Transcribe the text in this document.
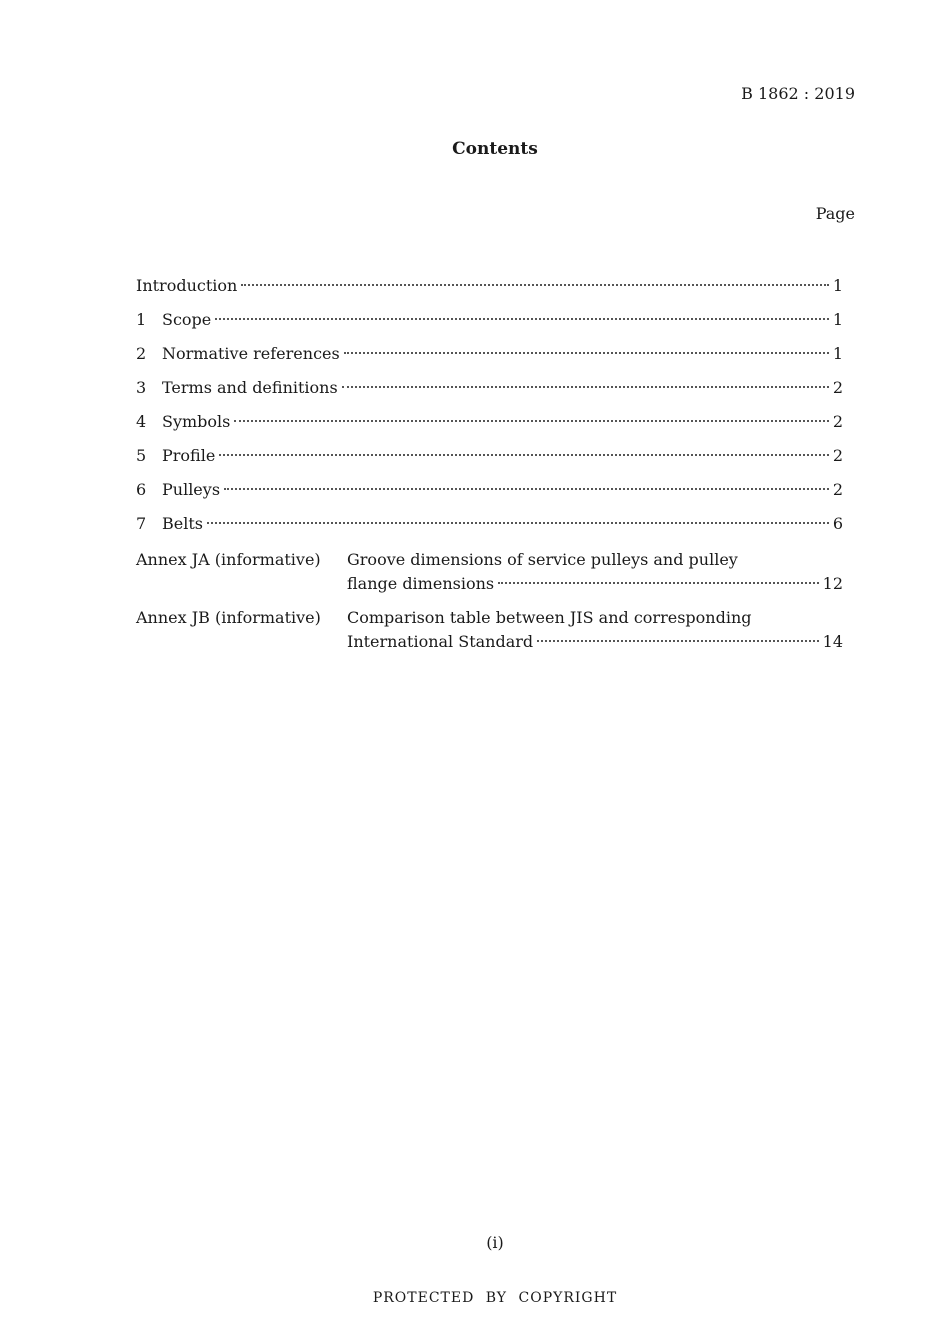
B 1862 : 2019
Contents
Page
Introduction	1
1 Scope	1
2 Normative references	1
3 Terms and definitions	2
4 Symbols	2
5 Profile	2
6 Pulleys	2
7 Belts	6
Annex JA (informative)	Groove dimensions of service pulleys and pulley
flange dimensions	12
Annex JB (informative)	Comparison table between JIS and corresponding
International Standard	14
(i)
PROTECTED BY COPYRIGHT
